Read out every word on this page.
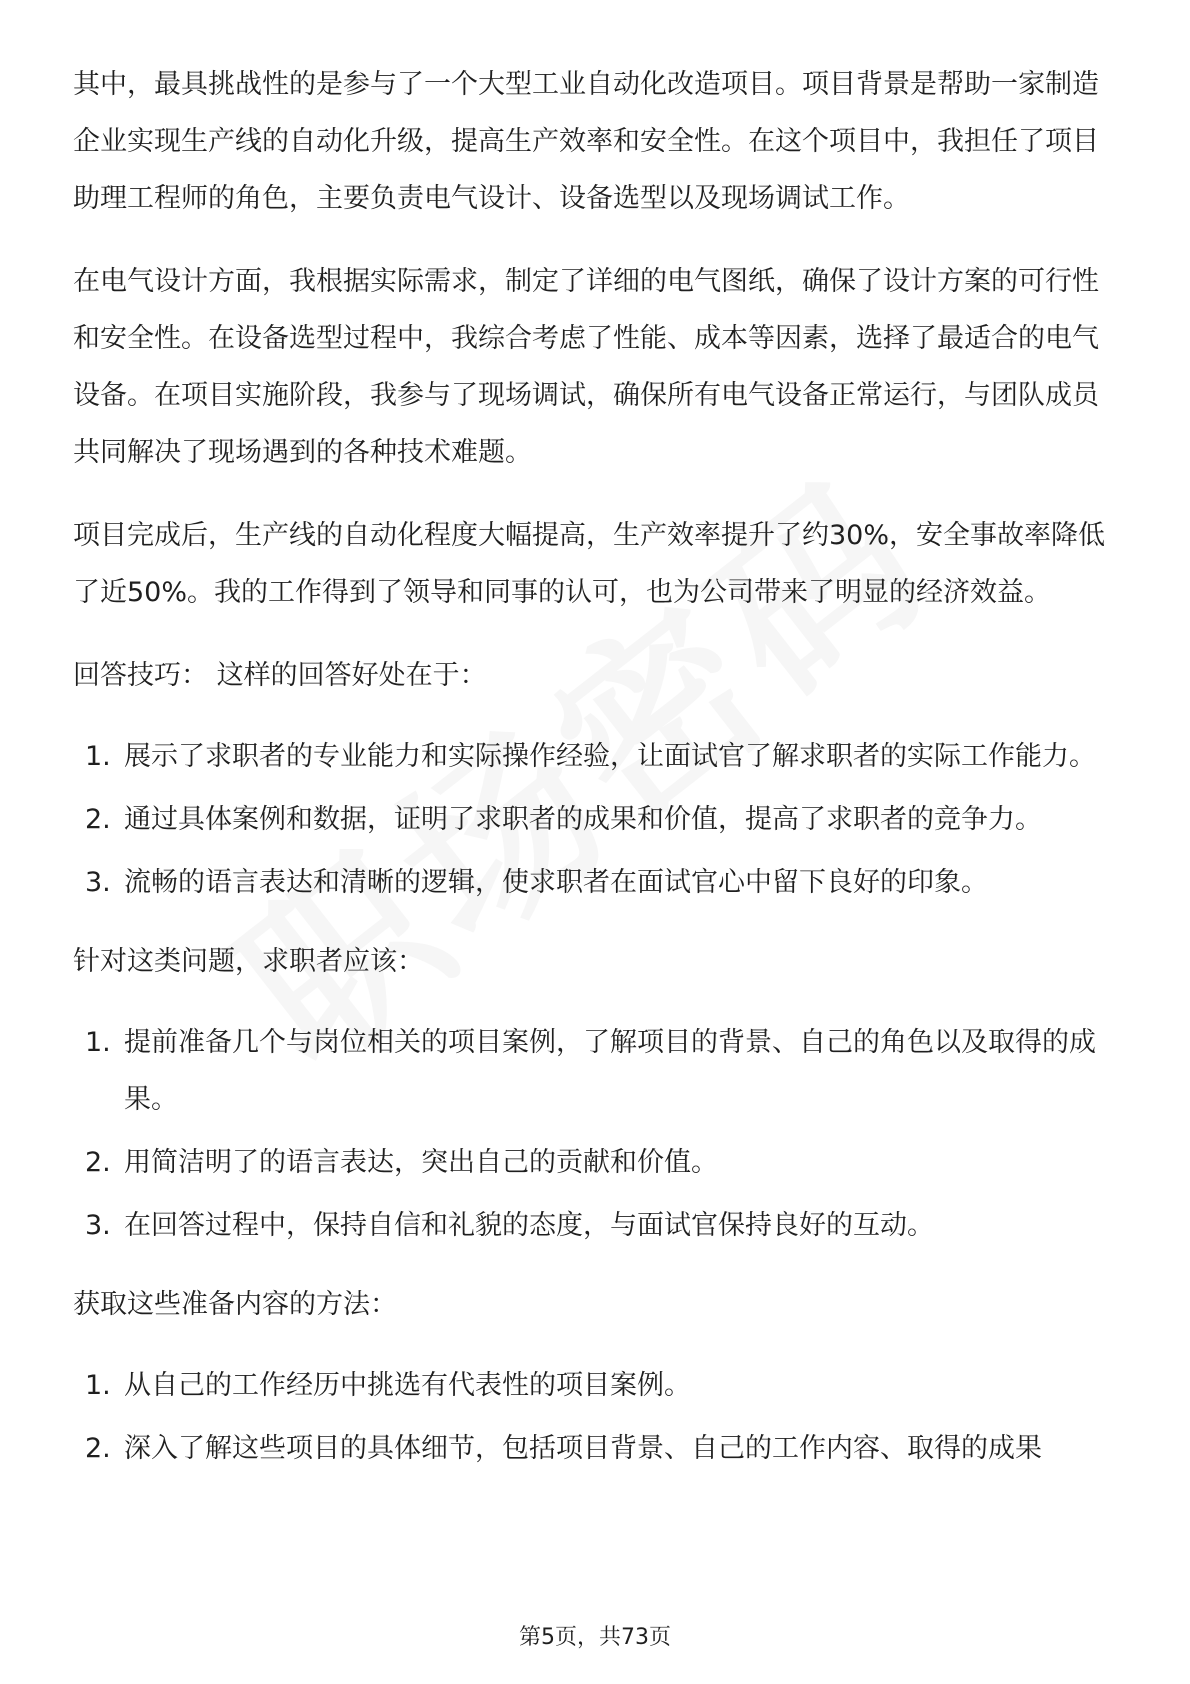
其中，最具挑战性的是参与了一个大型工业自动化改造项目。项目背景是帮助一家制造企业实现生产线的自动化升级，提高生产效率和安全性。在这个项目中，我担任了项目助理工程师的角色，主要负责电气设计、设备选型以及现场调试工作。

在电气设计方面，我根据实际需求，制定了详细的电气图纸，确保了设计方案的可行性和安全性。在设备选型过程中，我综合考虑了性能、成本等因素，选择了最适合的电气设备。在项目实施阶段，我参与了现场调试，确保所有电气设备正常运行，与团队成员共同解决了现场遇到的各种技术难题。

项目完成后，生产线的自动化程度大幅提高，生产效率提升了约30%，安全事故率降低了近50%。我的工作得到了领导和同事的认可，也为公司带来了明显的经济效益。

回答技巧： 这样的回答好处在于：

1. 展示了求职者的专业能力和实际操作经验，让面试官了解求职者的实际工作能力。
2. 通过具体案例和数据，证明了求职者的成果和价值，提高了求职者的竞争力。
3. 流畅的语言表达和清晰的逻辑，使求职者在面试官心中留下良好的印象。

针对这类问题，求职者应该：

1. 提前准备几个与岗位相关的项目案例，了解项目的背景、自己的角色以及取得的成果。
2. 用简洁明了的语言表达，突出自己的贡献和价值。
3. 在回答过程中，保持自信和礼貌的态度，与面试官保持良好的互动。

获取这些准备内容的方法：

1. 从自己的工作经历中挑选有代表性的项目案例。
2. 深入了解这些项目的具体细节，包括项目背景、自己的工作内容、取得的成果
第5页，共73页
